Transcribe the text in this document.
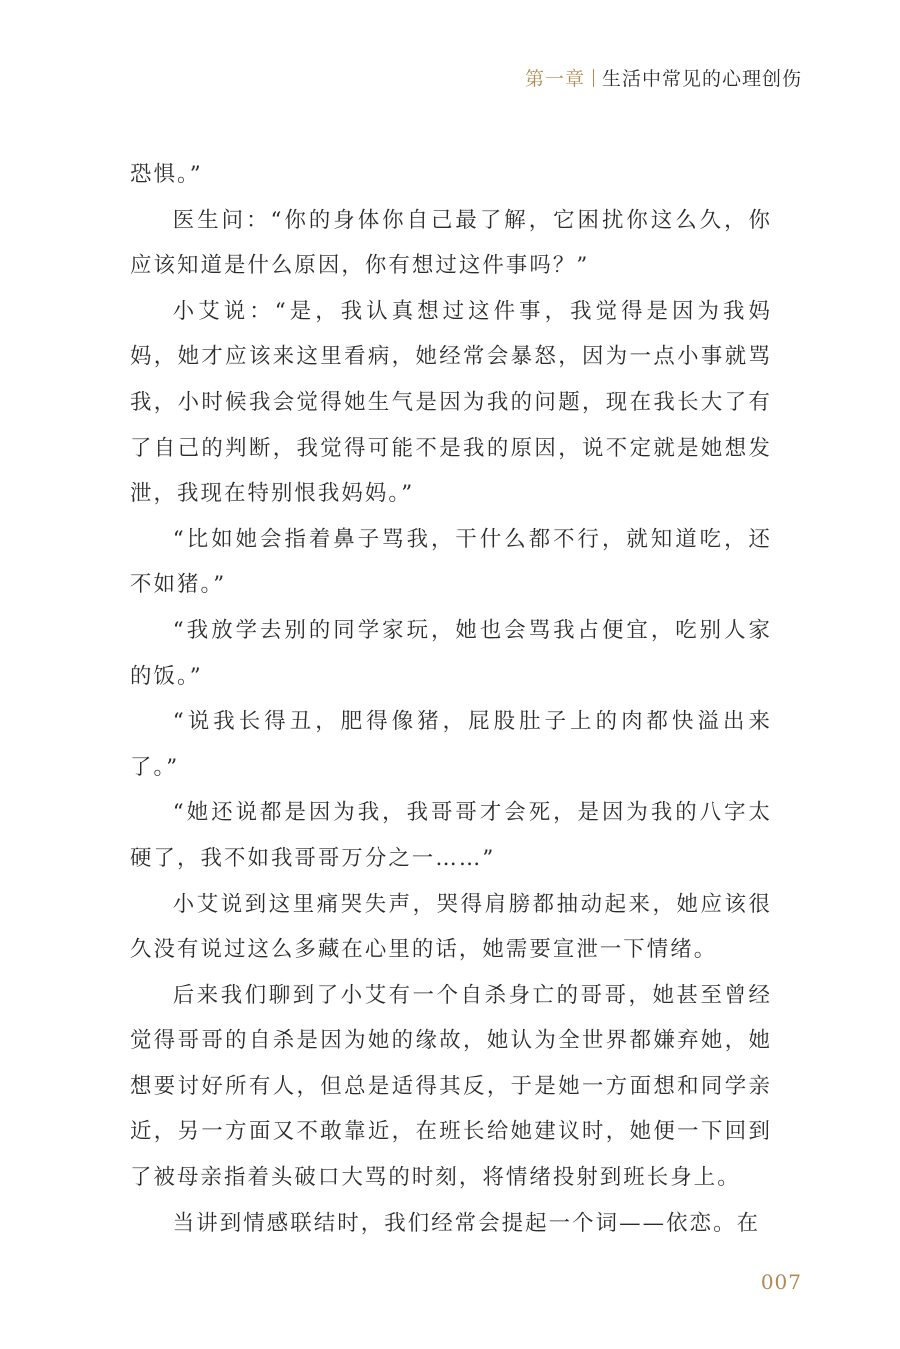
第一章 生活中常见的心理创伤

恐惧。”

医生问：“你的身体你自己最了解，它困扰你这么久，你应该知道是什么原因，你有想过这件事吗？”

小艾说：“是，我认真想过这件事，我觉得是因为我妈妈，她才应该来这里看病，她经常会暴怒，因为一点小事就骂我，小时候我会觉得她生气是因为我的问题，现在我长大了有了自己的判断，我觉得可能不是我的原因，说不定就是她想发泄，我现在特别恨我妈妈。”

“比如她会指着鼻子骂我，干什么都不行，就知道吃，还不如猪。”

“我放学去别的同学家玩，她也会骂我占便宜，吃别人家的饭。”

“说我长得丑，肥得像猪，屁股肚子上的肉都快溢出来了。”

“她还说都是因为我，我哥哥才会死，是因为我的八字太硬了，我不如我哥哥万分之一……”

小艾说到这里痛哭失声，哭得肩膀都抽动起来，她应该很久没有说过这么多藏在心里的话，她需要宣泄一下情绪。

后来我们聊到了小艾有一个自杀身亡的哥哥，她甚至曾经觉得哥哥的自杀是因为她的缘故，她认为全世界都嫌弃她，她想要讨好所有人，但总是适得其反，于是她一方面想和同学亲近，另一方面又不敢靠近，在班长给她建议时，她便一下回到了被母亲指着头破口大骂的时刻，将情绪投射到班长身上。

当讲到情感联结时，我们经常会提起一个词——依恋。在

007
